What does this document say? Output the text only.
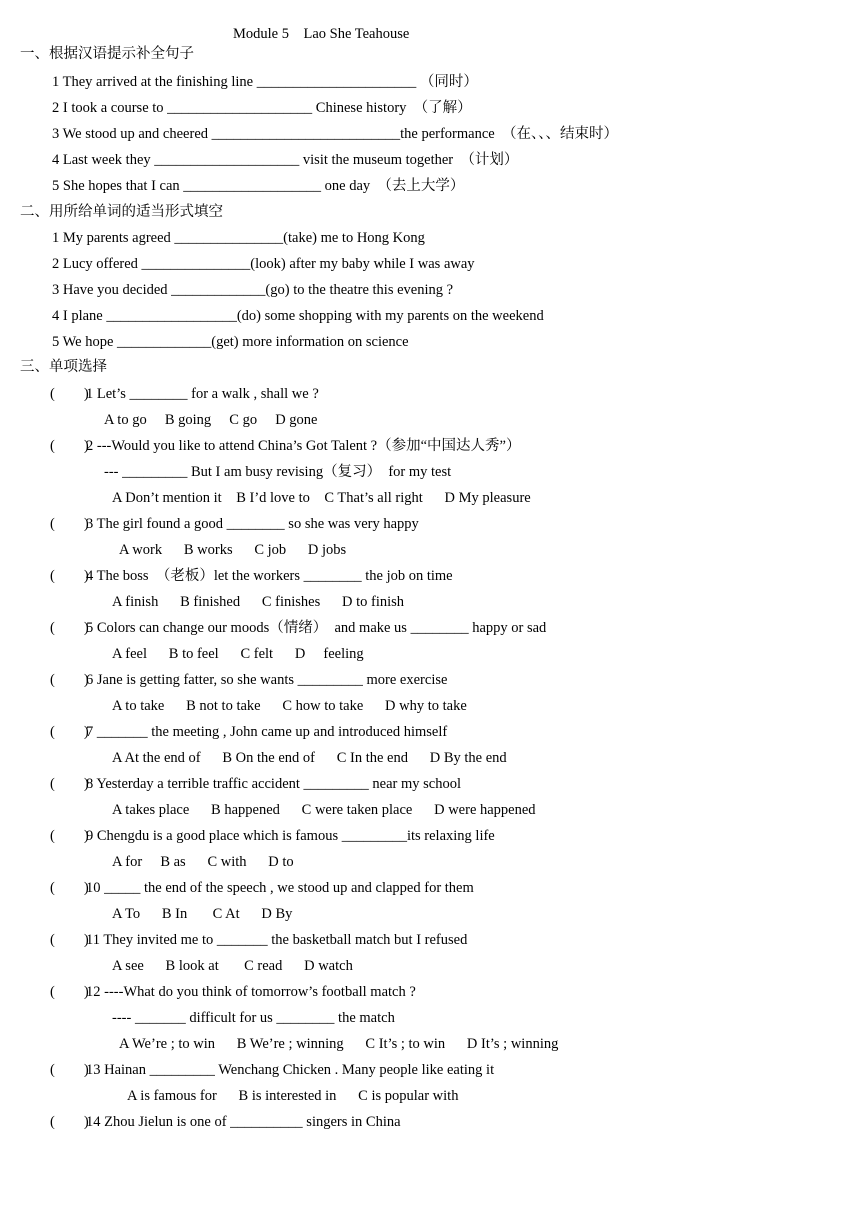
Module 5    Lao She Teahouse
一、根据汉语提示补全句子
1 They arrived at the finishing line ______________________ （同时）
2 I took a course to ____________________ Chinese history  （了解）
3 We stood up and cheered __________________________the performance  （在、、、结束时）
4 Last week they ____________________ visit the museum together  （计划）
5 She hopes that I can ___________________ one day  （去上大学）
二、用所给单词的适当形式填空
1 My parents agreed _______________(take) me to Hong Kong
2 Lucy offered _______________(look) after my baby while I was away
3 Have you decided _____________(go) to the theatre this evening ?
4 I plane __________________(do) some shopping with my parents on the weekend
5 We hope _____________(get) more information on science
三、单项选择
(        )
1 Let’s ________ for a walk , shall we ?
A to go     B going     C go     D gone
(        )
2 ---Would you like to attend China’s Got Talent ?（参加“中国达人秀”）
--- _________ But I am busy revising（复习）  for my test
A Don’t mention it    B I’d love to    C That’s all right      D My pleasure
(        )
3 The girl found a good ________ so she was very happy
A work      B works      C job      D jobs
(        )
4 The boss  （老板）let the workers ________ the job on time
A finish      B finished      C finishes      D to finish
(        )
5 Colors can change our moods（情绪）  and make us ________ happy or sad
A feel      B to feel      C felt      D     feeling
(        )
6 Jane is getting fatter, so she wants _________ more exercise
A to take      B not to take      C how to take      D why to take
(        )
7 _______ the meeting , John came up and introduced himself
A At the end of      B On the end of      C In the end      D By the end
(        )
8 Yesterday a terrible traffic accident _________ near my school
A takes place      B happened      C were taken place      D were happened
(        )
9 Chengdu is a good place which is famous _________its relaxing life
A for     B as      C with      D to
(        )
10 _____ the end of the speech , we stood up and clapped for them
A To      B In       C At      D By
(        )
11 They invited me to _______ the basketball match but I refused
A see      B look at       C read      D watch
(        )
12 ----What do you think of tomorrow’s football match ?
---- _______ difficult for us ________ the match
A We’re ; to win      B We’re ; winning      C It’s ; to win      D It’s ; winning
(        )
13 Hainan _________ Wenchang Chicken . Many people like eating it
A is famous for      B is interested in      C is popular with
(        )
14 Zhou Jielun is one of __________ singers in China
